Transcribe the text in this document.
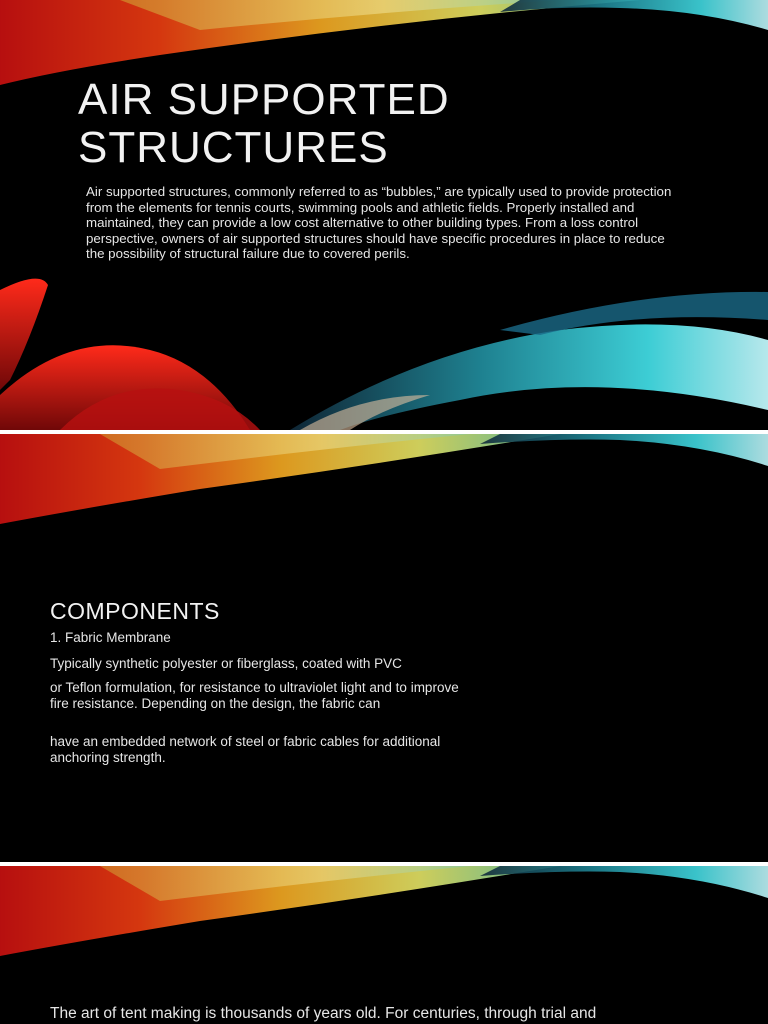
AIR SUPPORTED
STRUCTURES

Air supported structures, commonly referred to as “bubbles,” are typically used to provide protection from the elements for tennis courts, swimming pools and athletic fields. Properly installed and maintained, they can provide a low cost alternative to other building types. From a loss control perspective, owners of air supported structures should have specific procedures in place to reduce the possibility of structural failure due to covered perils.

COMPONENTS
1. Fabric Membrane

Typically synthetic polyester or fiberglass, coated with PVC

or Teflon formulation, for resistance to ultraviolet light and to improve fire resistance. Depending on the design, the fabric can

have an embedded network of steel or fabric cables for additional anchoring strength.

The art of tent making is thousands of years old. For centuries, through trial and
